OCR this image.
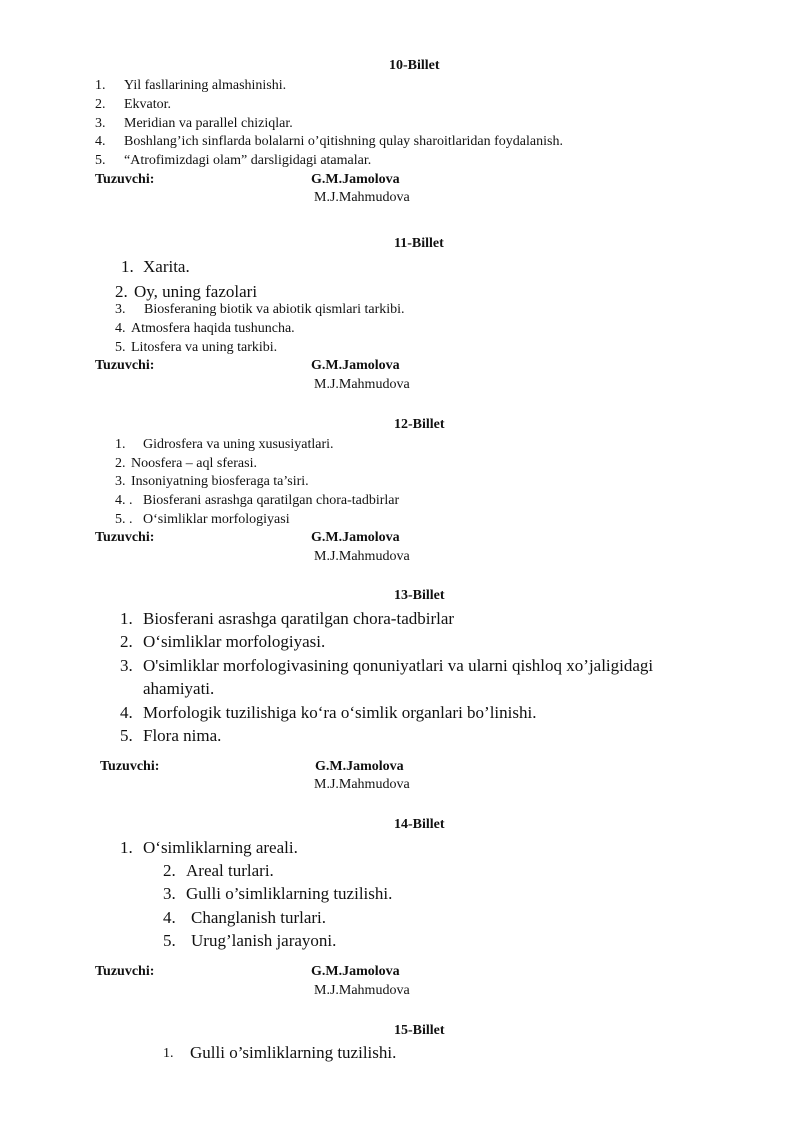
10-Billet
1. Yil fasllarining almashinishi.
2. Ekvator.
3. Meridian va parallel chiziqlar.
4. Boshlang’ich sinflarda bolalarni o’qitishning qulay sharoitlaridan foydalanish.
5. “Atrofimizdagi olam” darsligidagi atamalar.
Tuzuvchi:	G.M.Jamolova
M.J.Mahmudova
11-Billet
1. Xarita.
2. Oy, uning fazolari
3. Biosferaning biotik va abiotik qismlari tarkibi.
4. Atmosfera haqida tushuncha.
5. Litosfera va uning tarkibi.
Tuzuvchi:	G.M.Jamolova
M.J.Mahmudova
12-Billet
1. Gidrosfera va uning xususiyatlari.
2. Noosfera – aql sferasi.
3. Insoniyatning biosferaga ta’siri.
4. . Biosferani asrashga qaratilgan chora-tadbirlar
5. . O‘simliklar morfologiyasi
Tuzuvchi:	G.M.Jamolova
M.J.Mahmudova
13-Billet
1. Biosferani asrashga qaratilgan chora-tadbirlar
2. O‘simliklar morfologiyasi.
3. O'simliklar morfologivasining qonuniyatlari va ularni qishloq xo’jaligidagi
ahamiyati.
4. Morfologik tuzilishiga ko‘ra o‘simlik organlari bo’linishi.
5. Flora nima.
Tuzuvchi:	G.M.Jamolova
M.J.Mahmudova
14-Billet
1. O‘simliklarning areali.
2. Areal turlari.
3. Gulli o’simliklarning tuzilishi.
4. Changlanish turlari.
5. Urug’lanish jarayoni.
Tuzuvchi:	G.M.Jamolova
M.J.Mahmudova
15-Billet
1. Gulli o’simliklarning tuzilishi.
